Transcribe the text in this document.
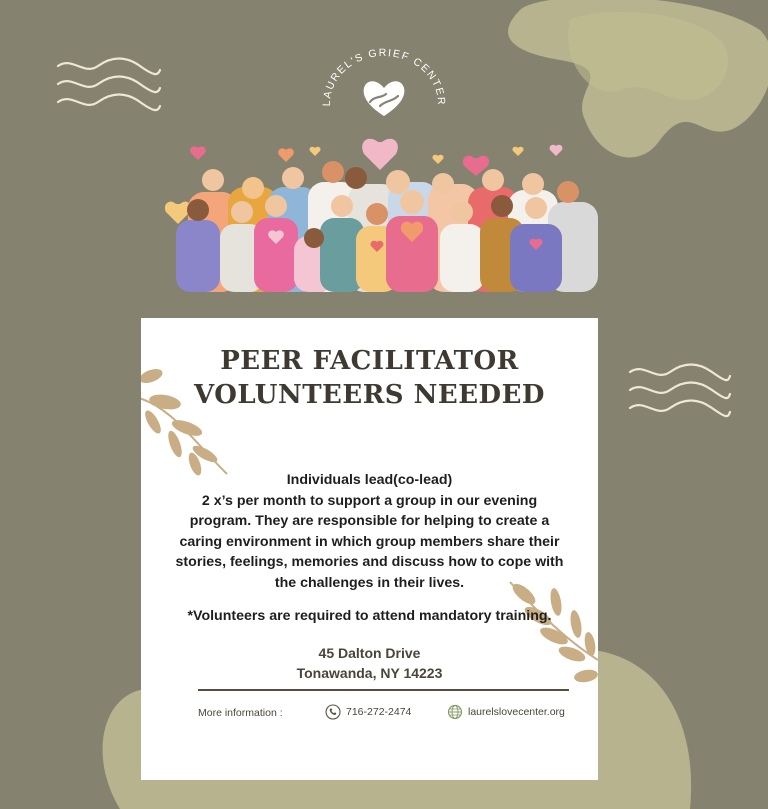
LAUREL'S GRIEF CENTER
PEER FACILITATOR
VOLUNTEERS NEEDED

Individuals lead(co-lead)
2 x’s per month to support a group in our evening
program. They are responsible for helping to create a
caring environment in which group members share their
stories, feelings, memories and discuss how to cope with
the challenges in their lives.

*Volunteers are required to attend mandatory training.

45 Dalton Drive
Tonawanda, NY 14223
More information :	716-272-2474	laurelslovecenter.org
